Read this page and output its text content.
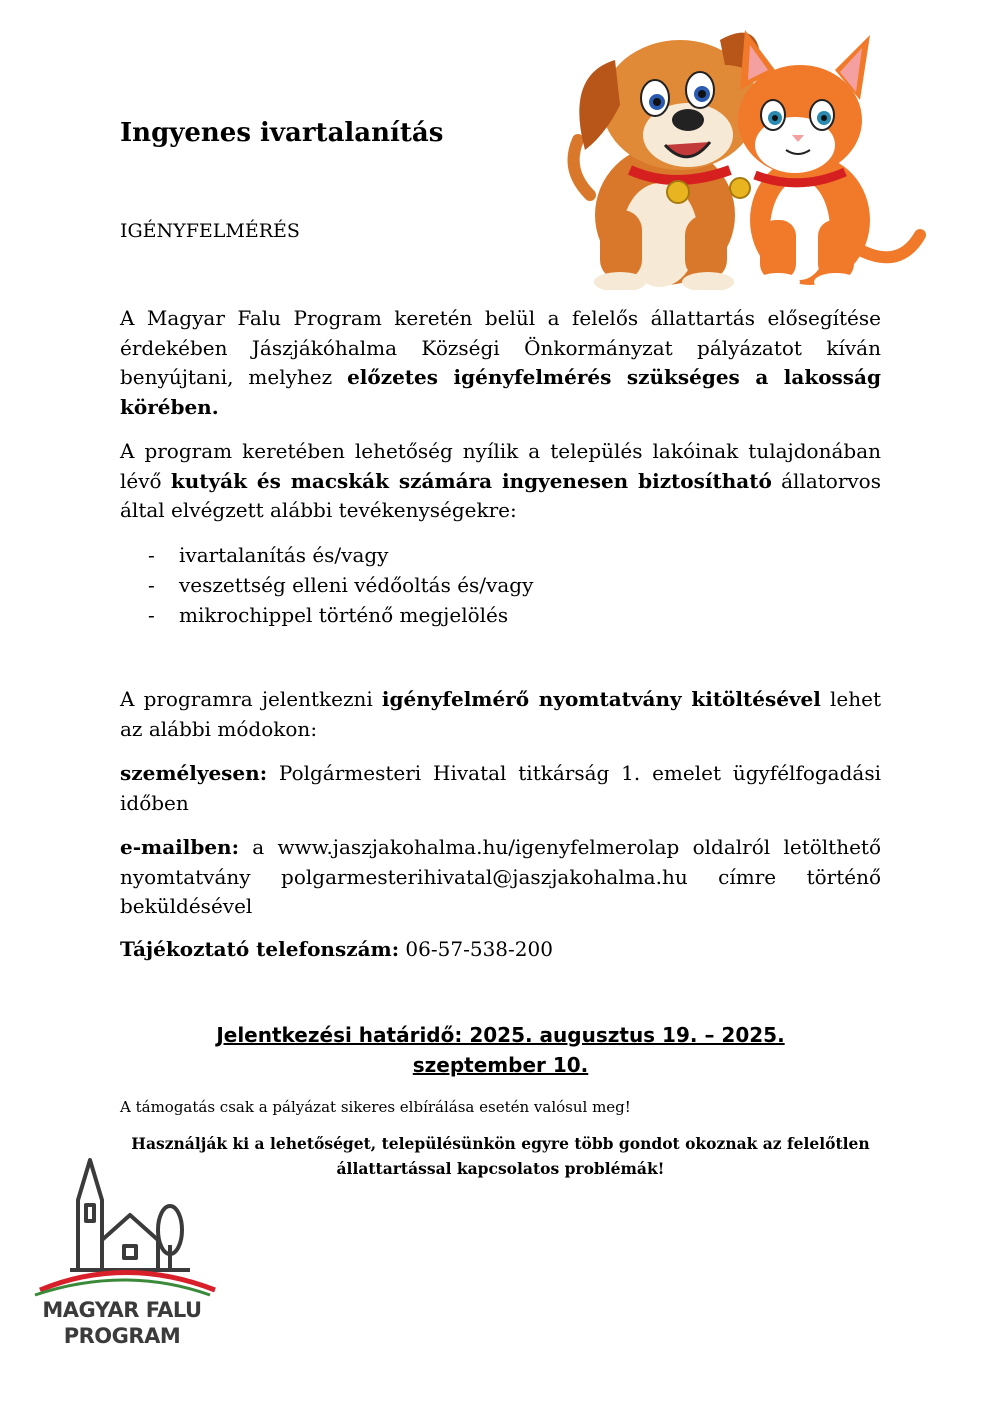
Ingyenes ivartalanítás

IGÉNYFELMÉRÉS

A Magyar Falu Program keretén belül a felelős állattartás elősegítése érdekében Jászjákóhalma Községi Önkormányzat pályázatot kíván benyújtani, melyhez előzetes igényfelmérés szükséges a lakosság körében.

A program keretében lehetőség nyílik a település lakóinak tulajdonában lévő kutyák és macskák számára ingyenesen biztosítható állatorvos által elvégzett alábbi tevékenységekre:

-	ivartalanítás és/vagy
-	veszettség elleni védőoltás és/vagy
-	mikrochippel történő megjelölés

A programra jelentkezni igényfelmérő nyomtatvány kitöltésével lehet az alábbi módokon:

személyesen: Polgármesteri Hivatal titkárság 1. emelet ügyfélfogadási időben

e-mailben: a www.jaszjakohalma.hu/igenyfelmerolap oldalról letölthető nyomtatvány polgarmesterihivatal@jaszjakohalma.hu címre történő beküldésével

Tájékoztató telefonszám: 06-57-538-200

Jelentkezési határidő: 2025. augusztus 19. – 2025.
szeptember 10.

A támogatás csak a pályázat sikeres elbírálása esetén valósul meg!

Használják ki a lehetőséget, településünkön egyre több gondot okoznak az felelőtlen állattartással kapcsolatos problémák!

MAGYAR FALU

PROGRAM
